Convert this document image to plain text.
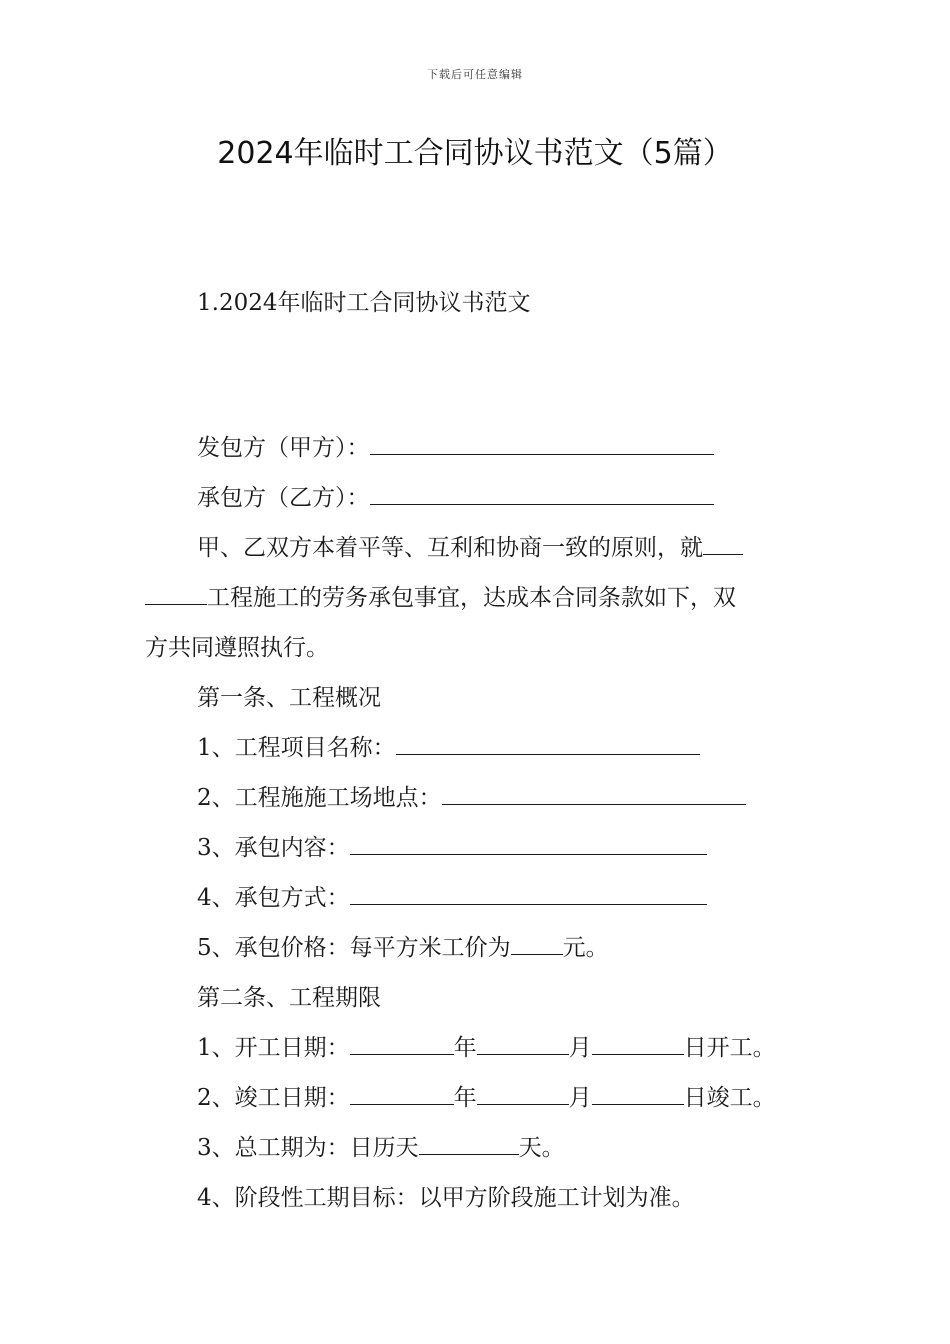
下载后可任意编辑
2024年临时工合同协议书范文（5篇）
1.2024年临时工合同协议书范文
发包方（甲方）：
承包方（乙方）：
甲、乙双方本着平等、互利和协商一致的原则，就
工程施工的劳务承包事宜，达成本合同条款如下，双
方共同遵照执行。
第一条、工程概况
1、工程项目名称：
2、工程施施工场地点：
3、承包内容：
4、承包方式：
5、承包价格：每平方米工价为 元。
第二条、工程期限
1、开工日期：	年	月	日开工。
2、竣工日期：	年	月	日竣工。
3、总工期为：日历天	天。
4、阶段性工期目标：以甲方阶段施工计划为准。
